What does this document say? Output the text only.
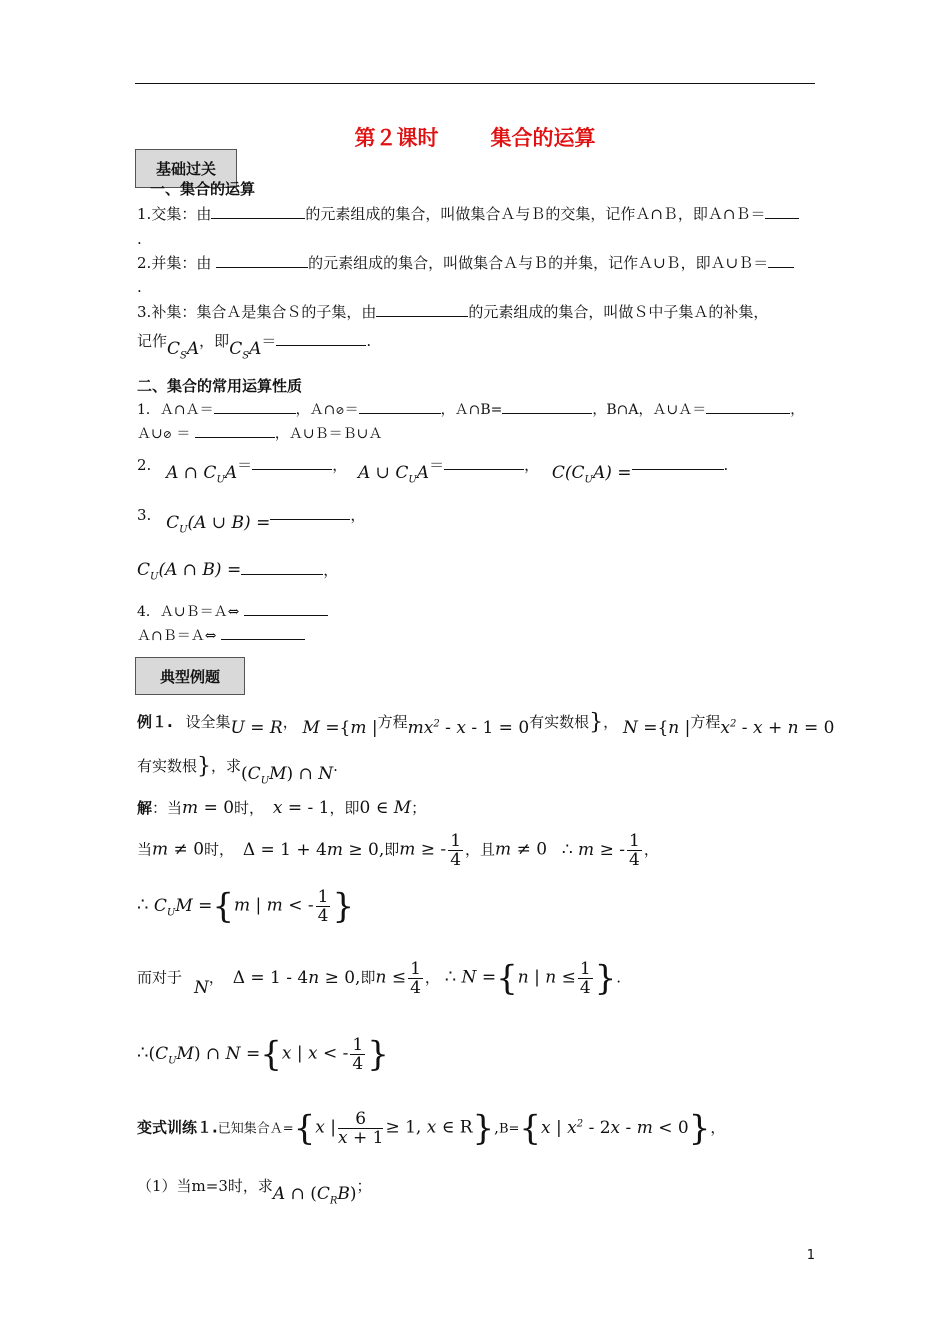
第２课时 集合的运算
基础过关
一、集合的运算
1.交集：由	的元素组成的集合，叫做集合Ａ与Ｂ的交集，记作Ａ∩Ｂ，即Ａ∩Ｂ＝
.
2.并集：由	的元素组成的集合，叫做集合Ａ与Ｂ的并集，记作Ａ∪Ｂ，即Ａ∪Ｂ＝
.
3.补集：集合Ａ是集合Ｓ的子集，由	的元素组成的集合，叫做Ｓ中子集Ａ的补集，
记作$C_SA$，即$C_SA=$	.
二、集合的常用运算性质
1．Ａ∩Ａ＝	，Ａ∩⊘＝	，Ａ∩B=	，B∩A，Ａ∪Ａ＝	，
Ａ∪⊘ ＝	，Ａ∪Ｂ＝Ｂ∪Ａ
2. A ∩ $C_UA=$	， A ∪ $C_UA=$	， $C(C_UA)$ =	.
3. $C_U(A$ ∪ B) =	，
$C_U(A$ ∩ B) =	，
4．Ａ∪Ｂ＝Ａ⇔
Ａ∩Ｂ＝Ａ⇔
典型例题
例１. 设全集U = R， M ={m |方程$mx^2 - x - 1 = 0$有实数根}， N ={n |方程$x^2 - x + n = 0$
有实数根}，求$(C_UM)$ ∩ N.
解：当m = 0时， x = - 1，即0 ∈ M；
当m ≠ 0时， Δ = 1 + 4m ≥ 0,即m ≥ - $\frac{1}{4}$ ，且m ≠ 0 ∴ m ≥ - $\frac{1}{4}$ ，
∴ $C_UM =\{m$ | m < - $\frac{1}{4}$ }
而对于 N， Δ = 1 - 4n ≥ 0,即$n \le \frac{1}{4}$ ， ∴ N ={n | $n \le \frac{1}{4}$ }.
$\therefore(C_UM)$ ∩ N ={x | x < - $\frac{1}{4}$ }
变式训练１.已知集合Ａ={x | $\frac{6}{x + 1} \ge 1$, x ∈ R},B={x | $x^2 - 2x - m < 0$}，
（1）当m=3时，求A ∩ $(C_RB)$；
1
